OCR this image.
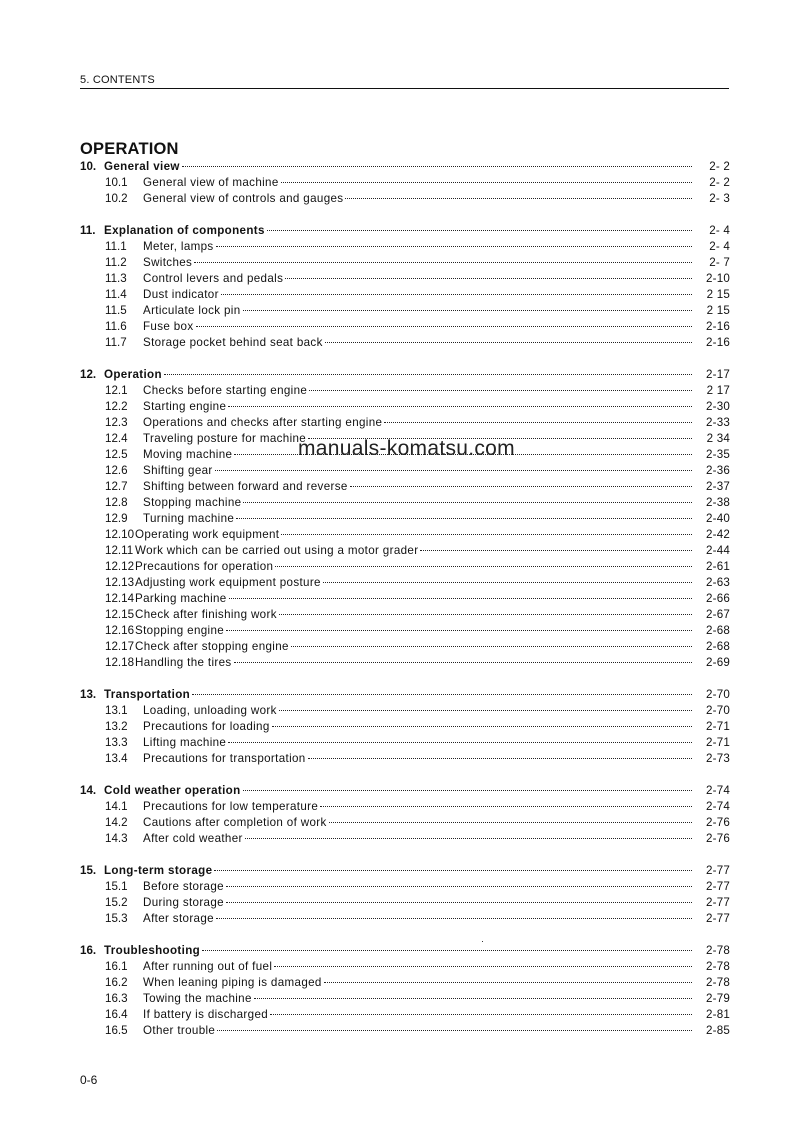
5. CONTENTS
OPERATION
10. General view	2- 2
10.1	General view of machine	2- 2
10.2	General view of controls and gauges	2- 3
11. Explanation of components	2- 4
11.1	Meter, lamps	2- 4
11.2	Switches	2- 7
11.3	Control levers and pedals	2-10
11.4	Dust indicator	2 15
11.5	Articulate lock pin	2 15
11.6	Fuse box	2-16
11.7	Storage pocket behind seat back	2-16
12. Operation	2-17
12.1	Checks before starting engine	2 17
12.2	Starting engine	2-30
12.3	Operations and checks after starting engine	2-33
12.4	Traveling posture for machine	2 34
12.5	Moving machine	2-35
12.6	Shifting gear	2-36
12.7	Shifting between forward and reverse	2-37
12.8	Stopping machine	2-38
12.9	Turning machine	2-40
12.10 Operating work equipment	2-42
12.11 Work which can be carried out using a motor grader	2-44
12.12 Precautions for operation	2-61
12.13 Adjusting work equipment posture	2-63
12.14 Parking machine	2-66
12.15 Check after finishing work	2-67
12.16 Stopping engine	2-68
12.17 Check after stopping engine	2-68
12.18 Handling the tires	2-69
13. Transportation	2-70
13.1	Loading, unloading work	2-70
13.2	Precautions for loading	2-71
13.3	Lifting machine	2-71
13.4	Precautions for transportation	2-73
14. Cold weather operation	2-74
14.1	Precautions for low temperature	2-74
14.2	Cautions after completion of work	2-76
14.3	After cold weather	2-76
15. Long-term storage	2-77
15.1	Before storage	2-77
15.2	During storage	2-77
15.3	After storage	2-77
16. Troubleshooting	2-78
16.1	After running out of fuel	2-78
16.2	When leaning piping is damaged	2-78
16.3	Towing the machine	2-79
16.4	If battery is discharged	2-81
16.5	Other trouble	2-85
manuals-komatsu.com
0-6
